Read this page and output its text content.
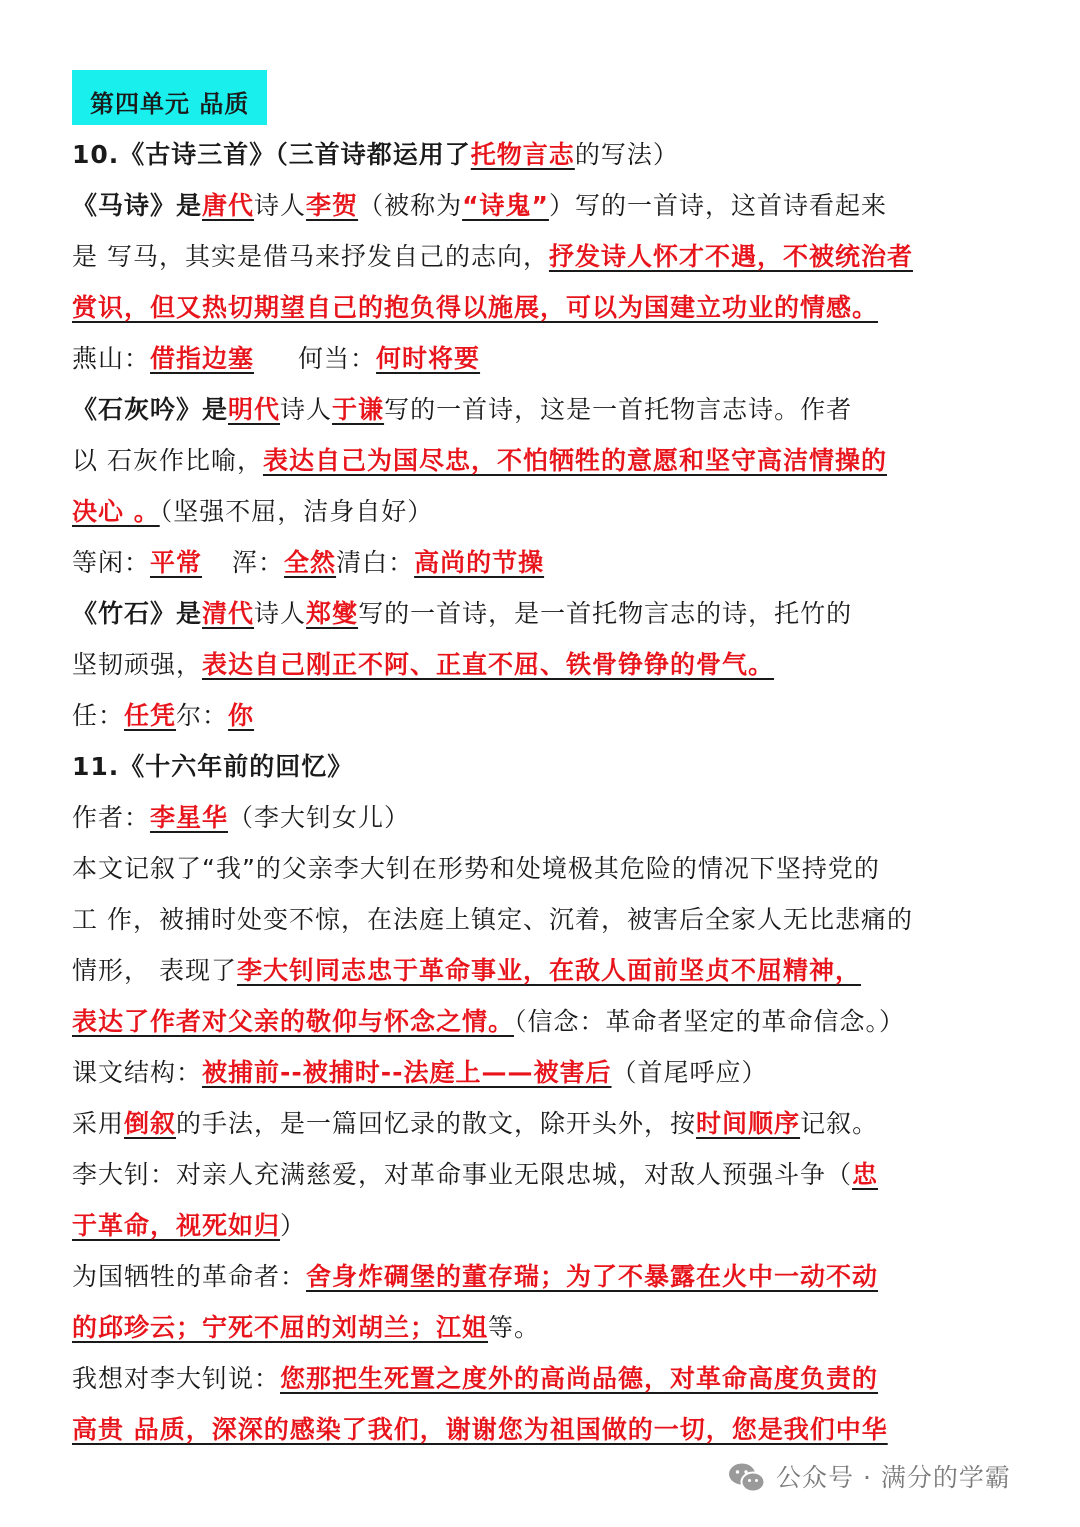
第四单元 品质
10.《古诗三首》（三首诗都运用了托物言志的写法）
《马诗》是唐代诗人李贺（被称为“诗鬼”）写的一首诗，这首诗看起来
是 写马，其实是借马来抒发自己的志向，抒发诗人怀才不遇，不被统治者
赏识，但又热切期望自己的抱负得以施展，可以为国建立功业的情感。
燕山：借指边塞 何当：何时将要
《石灰吟》是明代诗人于谦写的一首诗，这是一首托物言志诗。作者
以 石灰作比喻，表达自己为国尽忠，不怕牺牲的意愿和坚守高洁情操的
决心 。（坚强不屈，洁身自好）
等闲：平常 浑：全然清白：高尚的节操
《竹石》是清代诗人郑燮写的一首诗，是一首托物言志的诗，托竹的
坚韧顽强，表达自己刚正不阿、正直不屈、铁骨铮铮的骨气。
任：任凭尔：你
11.《十六年前的回忆》
作者：李星华（李大钊女儿）
本文记叙了“我”的父亲李大钊在形势和处境极其危险的情况下坚持党的
工 作，被捕时处变不惊，在法庭上镇定、沉着，被害后全家人无比悲痛的
情形， 表现了李大钊同志忠于革命事业，在敌人面前坚贞不屈精神，
表达了作者对父亲的敬仰与怀念之情。（信念：革命者坚定的革命信念。）
课文结构：被捕前--被捕时--法庭上——被害后（首尾呼应）
采用倒叙的手法，是一篇回忆录的散文，除开头外，按时间顺序记叙。
李大钊：对亲人充满慈爱，对革命事业无限忠城，对敌人预强斗争（忠
于革命，视死如归）
为国牺牲的革命者：舍身炸碉堡的董存瑞；为了不暴露在火中一动不动
的邱珍云；宁死不屈的刘胡兰；江姐等。
我想对李大钊说：您那把生死置之度外的高尚品德，对革命高度负责的
高贵 品质，深深的感染了我们，谢谢您为祖国做的一切，您是我们中华
公众号 · 满分的学霸
